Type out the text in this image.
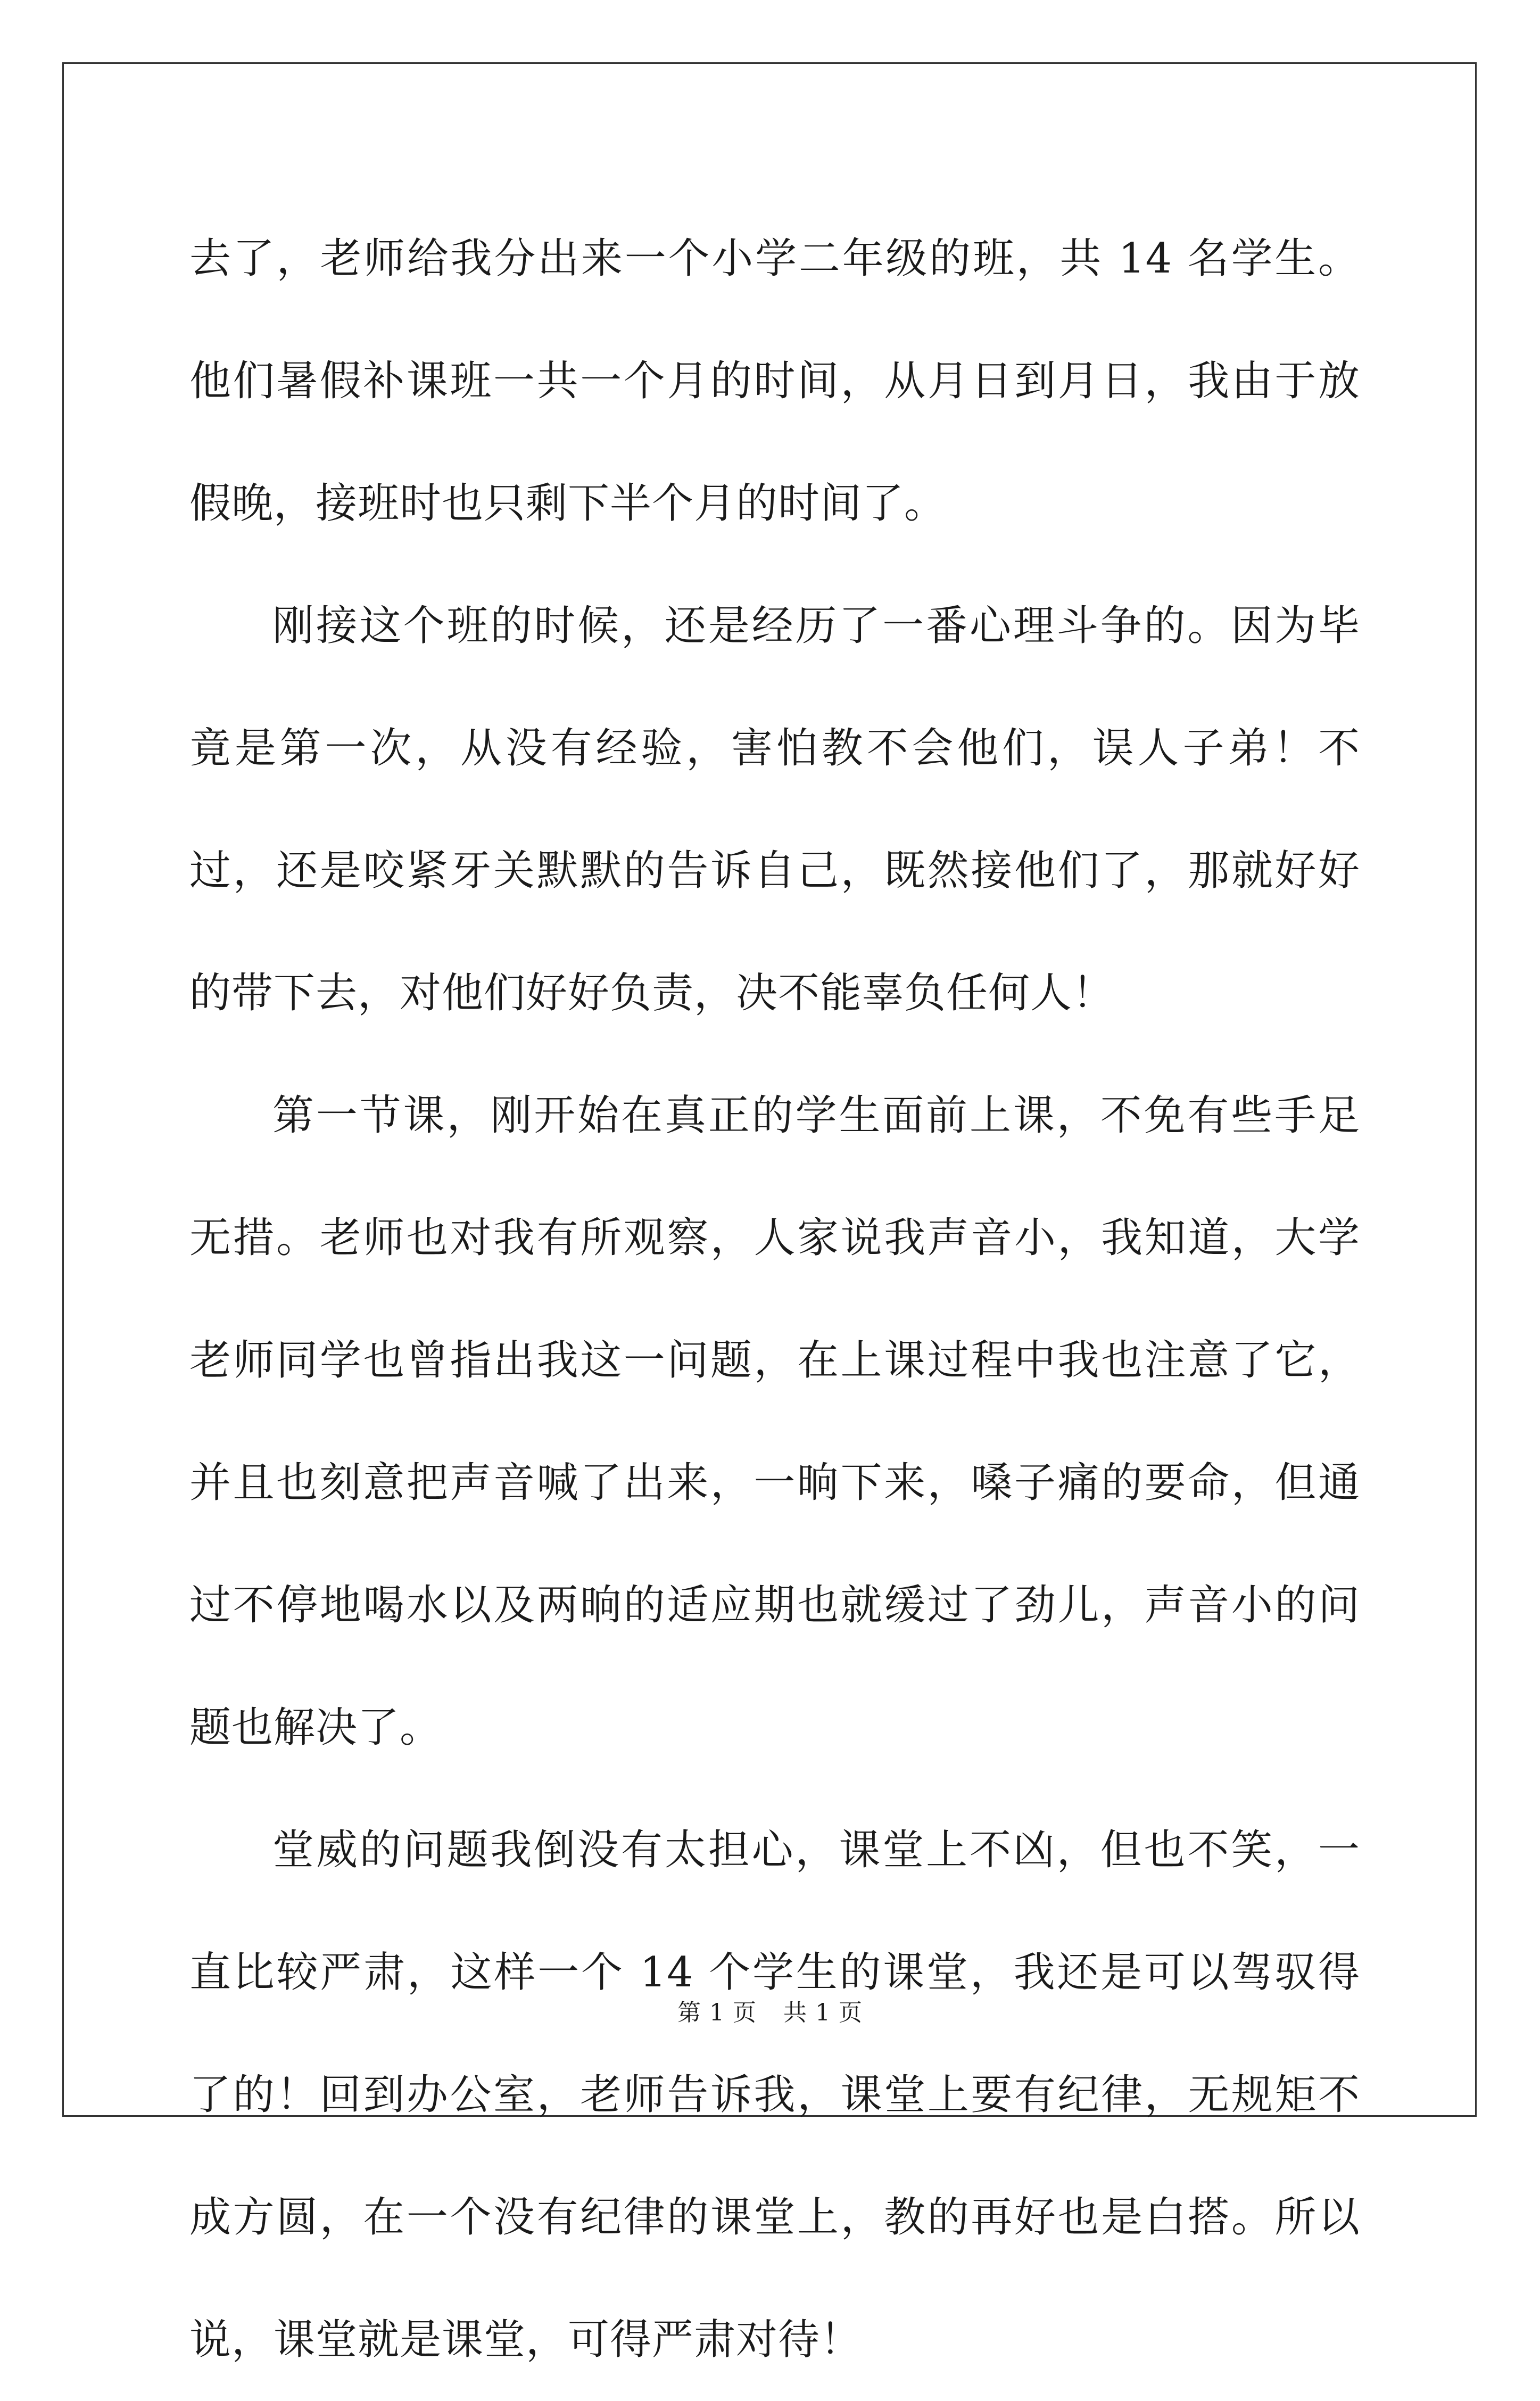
去了，老师给我分出来一个小学二年级的班，共 14 名学生。他们暑假补课班一共一个月的时间，从月日到月日，我由于放假晚，接班时也只剩下半个月的时间了。

刚接这个班的时候，还是经历了一番心理斗争的。因为毕竟是第一次，从没有经验，害怕教不会他们，误人子弟！不过，还是咬紧牙关默默的告诉自己，既然接他们了，那就好好的带下去，对他们好好负责，决不能辜负任何人！

第一节课，刚开始在真正的学生面前上课，不免有些手足无措。老师也对我有所观察，人家说我声音小，我知道，大学老师同学也曾指出我这一问题，在上课过程中我也注意了它，并且也刻意把声音喊了出来，一晌下来，嗓子痛的要命，但通过不停地喝水以及两晌的适应期也就缓过了劲儿，声音小的问题也解决了。

堂威的问题我倒没有太担心，课堂上不凶，但也不笑，一直比较严肃，这样一个 14 个学生的课堂，我还是可以驾驭得了的！回到办公室，老师告诉我，课堂上要有纪律，无规矩不成方圆，在一个没有纪律的课堂上，教的再好也是白搭。所以说，课堂就是课堂，可得严肃对待！

第 1 页 共 1 页
